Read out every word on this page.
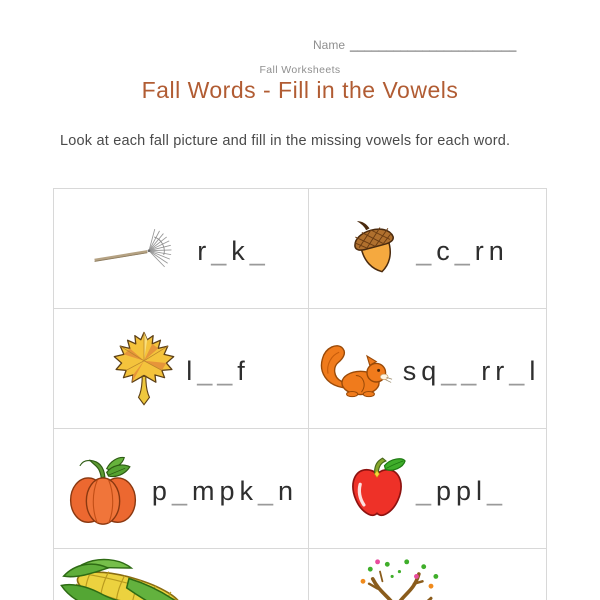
Name _______________________
Fall Worksheets
Fall Words - Fill in the Vowels
Look at each fall picture and fill in the missing vowels for each word.
r_k_	_c_rn
l__f	sq__rr_l
p_mpk_n	_ppl_
